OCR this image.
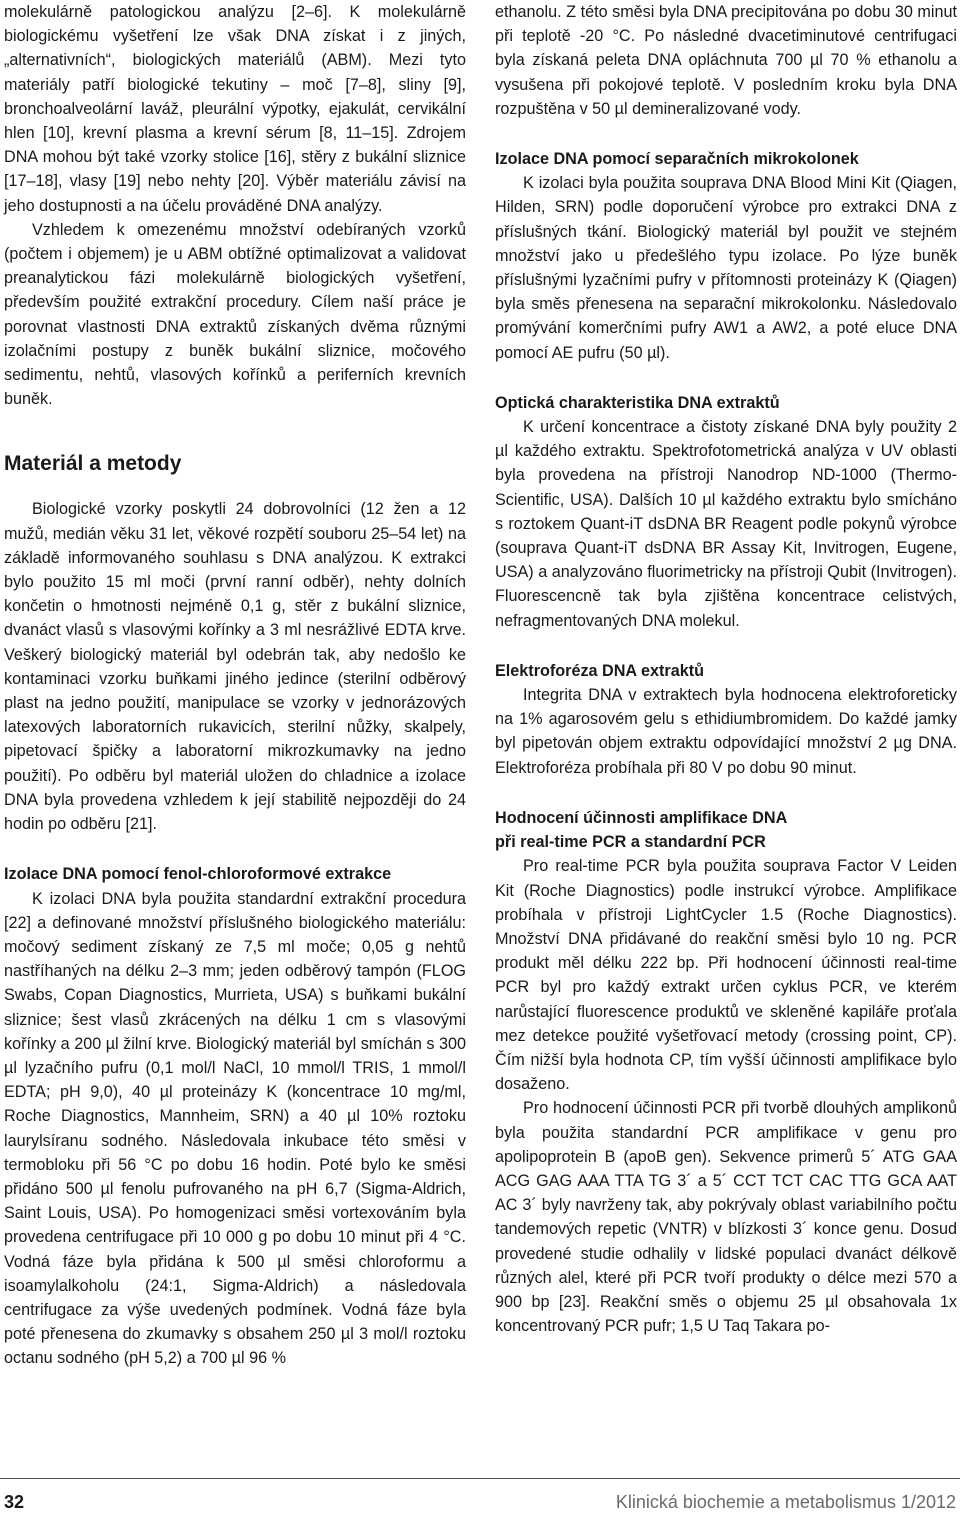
molekulárně patologickou analýzu [2–6]. K molekulárně biologickému vyšetření lze však DNA získat i z jiných, „alternativních“, biologických materiálů (ABM). Mezi tyto materiály patří biologické tekutiny – moč [7–8], sliny [9], bronchoalveolární laváž, pleurální výpotky, ejakulát, cervikální hlen [10], krevní plasma a krevní sérum [8, 11–15]. Zdrojem DNA mohou být také vzorky stolice [16], stěry z bukální sliznice [17–18], vlasy [19] nebo nehty [20]. Výběr materiálu závisí na jeho dostupnosti a na účelu prováděné DNA analýzy.

Vzhledem k omezenému množství odebíraných vzorků (počtem i objemem) je u ABM obtížné optimalizovat a validovat preanalytickou fázi molekulárně biologických vyšetření, především použité extrakční procedury. Cílem naší práce je porovnat vlastnosti DNA extraktů získaných dvěma různými izolačními postupy z buněk bukální sliznice, močového sedimentu, nehtů, vlasových kořínků a periferních krevních buněk.

Materiál a metody

Biologické vzorky poskytli 24 dobrovolníci (12 žen a 12 mužů, medián věku 31 let, věkové rozpětí souboru 25–54 let) na základě informovaného souhlasu s DNA analýzou. K extrakci bylo použito 15 ml moči (první ranní odběr), nehty dolních končetin o hmotnosti nejméně 0,1 g, stěr z bukální sliznice, dvanáct vlasů s vlasovými kořínky a 3 ml nesrážlivé EDTA krve. Veškerý biologický materiál byl odebrán tak, aby nedošlo ke kontaminaci vzorku buňkami jiného jedince (sterilní odběrový plast na jedno použití, manipulace se vzorky v jednorázových latexových laboratorních rukavicích, sterilní nůžky, skalpely, pipetovací špičky a laboratorní mikrozkumavky na jedno použití). Po odběru byl materiál uložen do chladnice a izolace DNA byla provedena vzhledem k její stabilitě nejpozději do 24 hodin po odběru [21].

Izolace DNA pomocí fenol-chloroformové extrakce

K izolaci DNA byla použita standardní extrakční procedura [22] a definované množství příslušného biologického materiálu: močový sediment získaný ze 7,5 ml moče; 0,05 g nehtů nastříhaných na délku 2–3 mm; jeden odběrový tampón (FLOG Swabs, Copan Diagnostics, Murrieta, USA) s buňkami bukální sliznice; šest vlasů zkrácených na délku 1 cm s vlasovými kořínky a 200 µl žilní krve. Biologický materiál byl smíchán s 300 µl lyzačního pufru (0,1 mol/l NaCl, 10 mmol/l TRIS, 1 mmol/l EDTA; pH 9,0), 40 µl proteinázy K (koncentrace 10 mg/ml, Roche Diagnostics, Mannheim, SRN) a 40 µl 10% roztoku laurylsíranu sodného. Následovala inkubace této směsi v termobloku při 56 °C po dobu 16 hodin. Poté bylo ke směsi přidáno 500 µl fenolu pufrovaného na pH 6,7 (Sigma-Aldrich, Saint Louis, USA). Po homogenizaci směsi vortexováním byla provedena centrifugace při 10 000 g po dobu 10 minut při 4 °C. Vodná fáze byla přidána k 500 µl směsi chloroformu a isoamylalkoholu (24:1, Sigma-Aldrich) a následovala centrifugace za výše uvedených podmínek. Vodná fáze byla poté přenesena do zkumavky s obsahem 250 µl 3 mol/l roztoku octanu sodného (pH 5,2) a 700 µl 96 %

ethanolu. Z této směsi byla DNA precipitována po dobu 30 minut při teplotě -20 °C. Po následné dvacetiminutové centrifugaci byla získaná peleta DNA opláchnuta 700 µl 70 % ethanolu a vysušena při pokojové teplotě. V posledním kroku byla DNA rozpuštěna v 50 µl demineralizované vody.

Izolace DNA pomocí separačních mikrokolonek

K izolaci byla použita souprava DNA Blood Mini Kit (Qiagen, Hilden, SRN) podle doporučení výrobce pro extrakci DNA z příslušných tkání. Biologický materiál byl použit ve stejném množství jako u předešlého typu izolace. Po lýze buněk příslušnými lyzačními pufry v přítomnosti proteinázy K (Qiagen) byla směs přenesena na separační mikrokolonku. Následovalo promývání komerčními pufry AW1 a AW2, a poté eluce DNA pomocí AE pufru (50 µl).

Optická charakteristika DNA extraktů

K určení koncentrace a čistoty získané DNA byly použity 2 µl každého extraktu. Spektrofotometrická analýza v UV oblasti byla provedena na přístroji Nanodrop ND-1000 (Thermo-Scientific, USA). Dalších 10 µl každého extraktu bylo smícháno s roztokem Quant-iT dsDNA BR Reagent podle pokynů výrobce (souprava Quant-iT dsDNA BR Assay Kit, Invitrogen, Eugene, USA) a analyzováno fluorimetricky na přístroji Qubit (Invitrogen). Fluorescencně tak byla zjištěna koncentrace celistvých, nefragmentovaných DNA molekul.

Elektroforéza DNA extraktů

Integrita DNA v extraktech byla hodnocena elektroforeticky na 1% agarosovém gelu s ethidiumbromidem. Do každé jamky byl pipetován objem extraktu odpovídající množství 2 µg DNA. Elektroforéza probíhala při 80 V po dobu 90 minut.

Hodnocení účinnosti amplifikace DNA
při real-time PCR a standardní PCR

Pro real-time PCR byla použita souprava Factor V Leiden Kit (Roche Diagnostics) podle instrukcí výrobce. Amplifikace probíhala v přístroji LightCycler 1.5 (Roche Diagnostics). Množství DNA přidávané do reakční směsi bylo 10 ng. PCR produkt měl délku 222 bp. Při hodnocení účinnosti real-time PCR byl pro každý extrakt určen cyklus PCR, ve kterém narůstající fluorescence produktů ve skleněné kapiláře proťala mez detekce použité vyšetřovací metody (crossing point, CP). Čím nižší byla hodnota CP, tím vyšší účinnosti amplifikace bylo dosaženo.

Pro hodnocení účinnosti PCR při tvorbě dlouhých amplikonů byla použita standardní PCR amplifikace v genu pro apolipoprotein B (apoB gen). Sekvence primerů 5´ ATG GAA ACG GAG AAA TTA TG 3´ a 5´ CCT TCT CAC TTG GCA AAT AC 3´ byly navrženy tak, aby pokrývaly oblast variabilního počtu tandemových repetic (VNTR) v blízkosti 3´ konce genu. Dosud provedené studie odhalily v lidské populaci dvanáct délkově různých alel, které při PCR tvoří produkty o délce mezi 570 a 900 bp [23]. Reakční směs o objemu 25 µl obsahovala 1x koncentrovaný PCR pufr; 1,5 U Taq Takara po-

32	Klinická biochemie a metabolismus 1/2012
